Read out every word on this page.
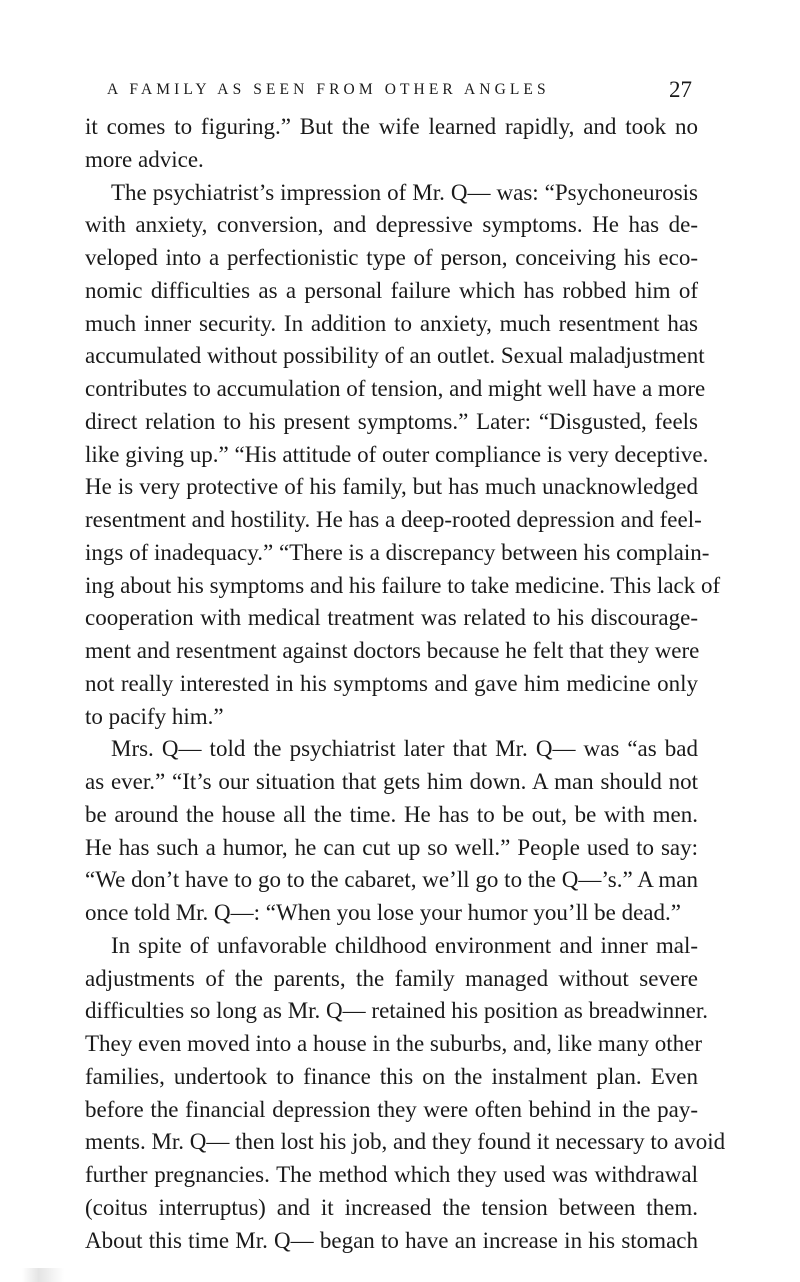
A FAMILY AS SEEN FROM OTHER ANGLES	27
it comes to figuring.” But the wife learned rapidly, and took no
more advice.
The psychiatrist’s impression of Mr. Q— was: “Psychoneurosis
with anxiety, conversion, and depressive symptoms. He has de-
veloped into a perfectionistic type of person, conceiving his eco-
nomic difficulties as a personal failure which has robbed him of
much inner security. In addition to anxiety, much resentment has
accumulated without possibility of an outlet. Sexual maladjustment
contributes to accumulation of tension, and might well have a more
direct relation to his present symptoms.” Later: “Disgusted, feels
like giving up.” “His attitude of outer compliance is very deceptive.
He is very protective of his family, but has much unacknowledged
resentment and hostility. He has a deep-rooted depression and feel-
ings of inadequacy.” “There is a discrepancy between his complain-
ing about his symptoms and his failure to take medicine. This lack of
cooperation with medical treatment was related to his discourage-
ment and resentment against doctors because he felt that they were
not really interested in his symptoms and gave him medicine only
to pacify him.”
Mrs. Q— told the psychiatrist later that Mr. Q— was “as bad
as ever.” “It’s our situation that gets him down. A man should not
be around the house all the time. He has to be out, be with men.
He has such a humor, he can cut up so well.” People used to say:
“We don’t have to go to the cabaret, we’ll go to the Q—’s.” A man
once told Mr. Q—: “When you lose your humor you’ll be dead.”
In spite of unfavorable childhood environment and inner mal-
adjustments of the parents, the family managed without severe
difficulties so long as Mr. Q— retained his position as breadwinner.
They even moved into a house in the suburbs, and, like many other
families, undertook to finance this on the instalment plan. Even
before the financial depression they were often behind in the pay-
ments. Mr. Q— then lost his job, and they found it necessary to avoid
further pregnancies. The method which they used was withdrawal
(coitus interruptus) and it increased the tension between them.
About this time Mr. Q— began to have an increase in his stomach
